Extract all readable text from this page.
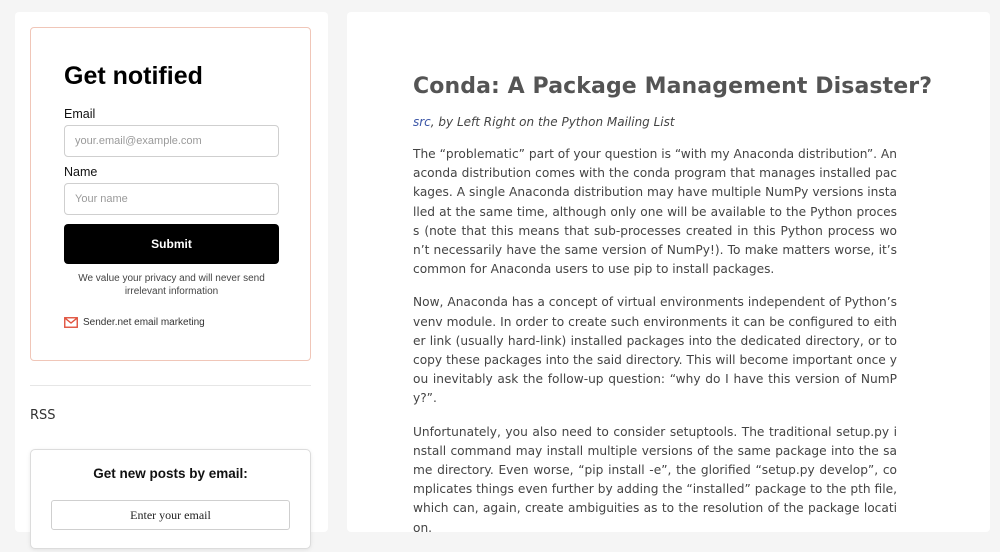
Get notified
Email
your.email@example.com
Name
Your name
Submit

We value your privacy and will never send irrelevant information

Sender.net email marketing
RSS
Get new posts by email:
Enter your email
Conda: A Package Management Disaster?

src, by Left Right on the Python Mailing List

The “problematic” part of your question is “with my Anaconda distribution”. Anaconda distribution comes with the conda program that manages installed packages. A single Anaconda distribution may have multiple NumPy versions installed at the same time, although only one will be available to the Python process (note that this means that sub-processes created in this Python process won’t necessarily have the same version of NumPy!). To make matters worse, it’s common for Anaconda users to use pip to install packages.

Now, Anaconda has a concept of virtual environments independent of Python’s venv module. In order to create such environments it can be configured to either link (usually hard-link) installed packages into the dedicated directory, or to copy these packages into the said directory. This will become important once you inevitably ask the follow-up question: “why do I have this version of NumPy?”.

Unfortunately, you also need to consider setuptools. The traditional setup.py install command may install multiple versions of the same package into the same directory. Even worse, “pip install -e”, the glorified “setup.py develop”, complicates things even further by adding the “installed” package to the pth file, which can, again, create ambiguities as to the resolution of the package location.
